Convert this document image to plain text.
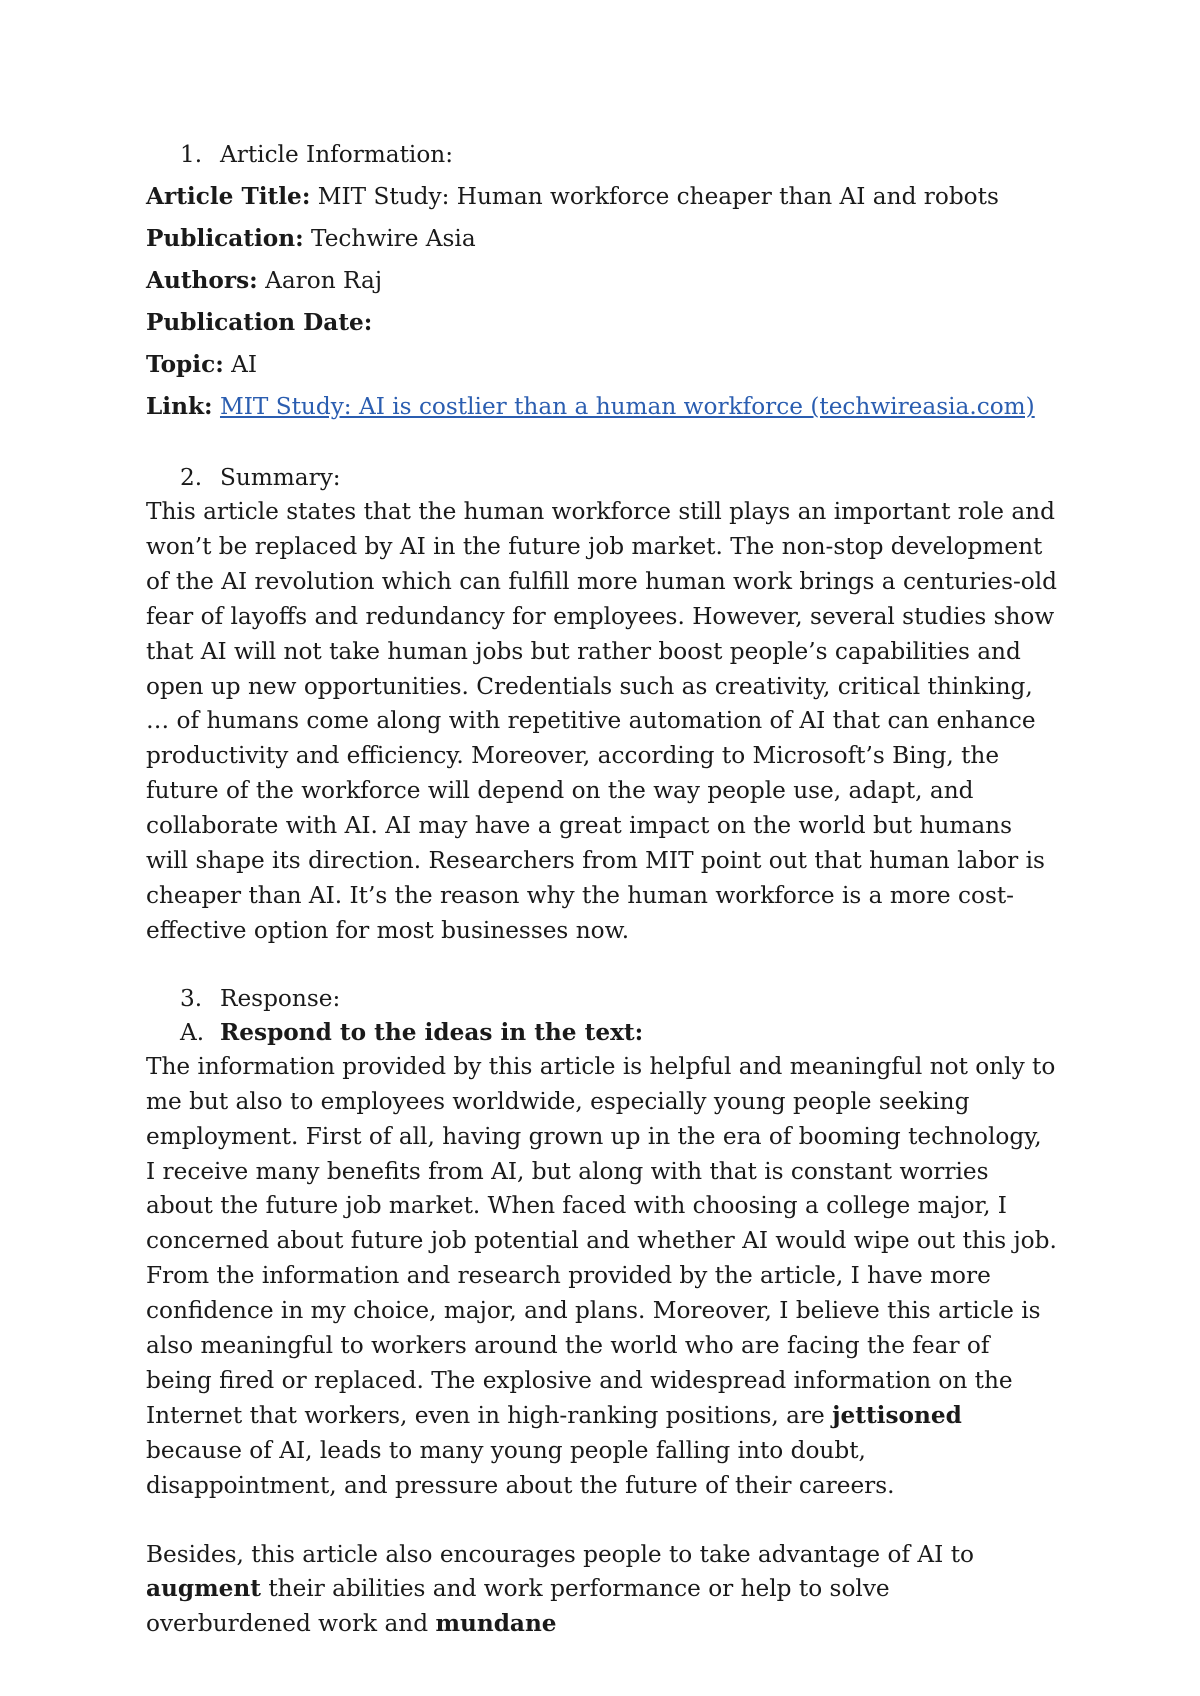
1. Article Information:

Article Title: MIT Study: Human workforce cheaper than AI and robots

Publication: Techwire Asia

Authors: Aaron Raj

Publication Date:

Topic: AI

Link: MIT Study: AI is costlier than a human workforce (techwireasia.com)

2. Summary:

This article states that the human workforce still plays an important role and won’t be replaced by AI in the future job market. The non-stop development of the AI revolution which can fulfill more human work brings a centuries-old fear of layoffs and redundancy for employees. However, several studies show that AI will not take human jobs but rather boost people’s capabilities and open up new opportunities. Credentials such as creativity, critical thinking, … of humans come along with repetitive automation of AI that can enhance productivity and efficiency. Moreover, according to Microsoft’s Bing, the future of the workforce will depend on the way people use, adapt, and collaborate with AI. AI may have a great impact on the world but humans will shape its direction. Researchers from MIT point out that human labor is cheaper than AI. It’s the reason why the human workforce is a more cost-effective option for most businesses now.

3. Response:

A. Respond to the ideas in the text:

The information provided by this article is helpful and meaningful not only to me but also to employees worldwide, especially young people seeking employment. First of all, having grown up in the era of booming technology, I receive many benefits from AI, but along with that is constant worries about the future job market. When faced with choosing a college major, I concerned about future job potential and whether AI would wipe out this job. From the information and research provided by the article, I have more confidence in my choice, major, and plans. Moreover, I believe this article is also meaningful to workers around the world who are facing the fear of being fired or replaced. The explosive and widespread information on the Internet that workers, even in high-ranking positions, are jettisoned because of AI, leads to many young people falling into doubt, disappointment, and pressure about the future of their careers.

Besides, this article also encourages people to take advantage of AI to augment their abilities and work performance or help to solve overburdened work and mundane
